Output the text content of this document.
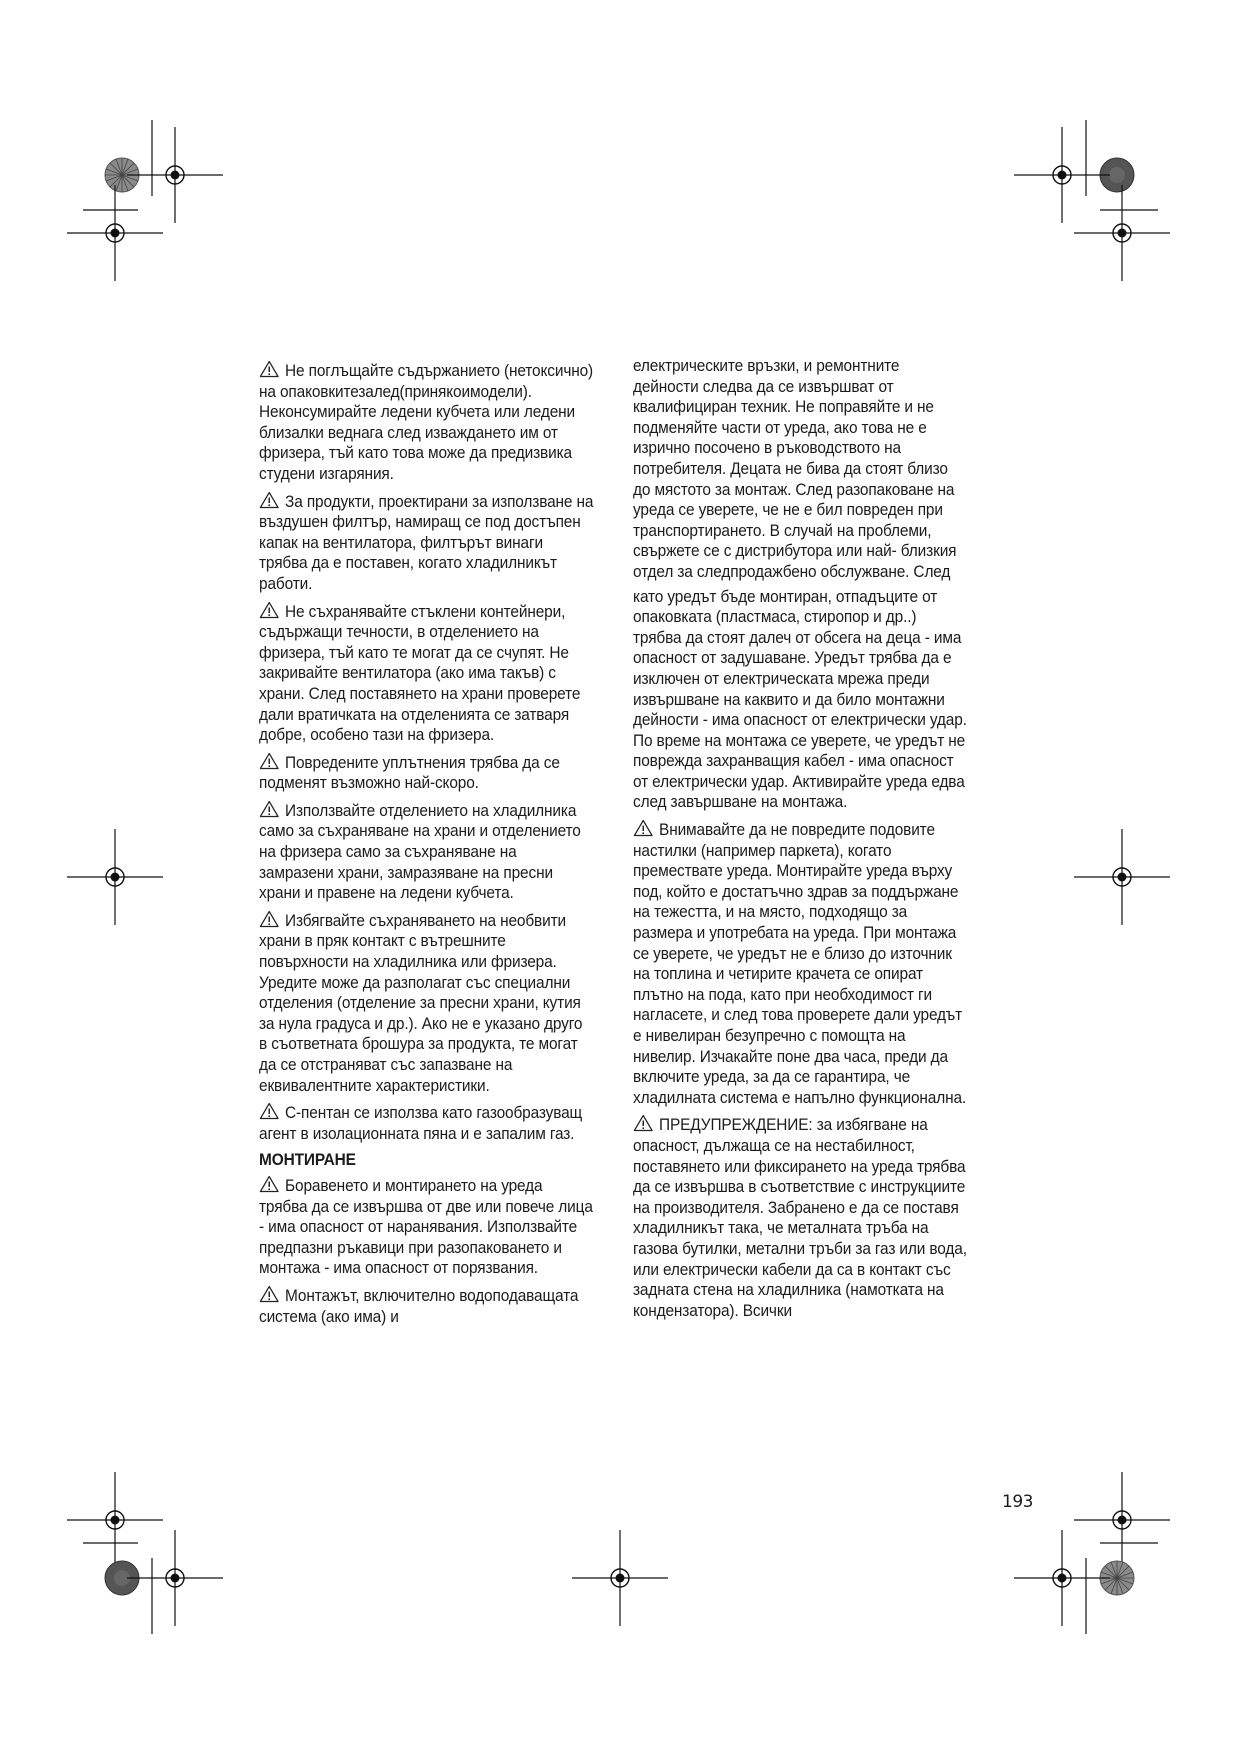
Не поглъщайте съдържанието (нетоксично) на опаковкитезалед(принякоимодели). Неконсумирайте ледени кубчета или ледени близалки веднага след изваждането им от фризера, тъй като това може да предизвика студени изгаряния.

За продукти, проектирани за използване на въздушен филтър, намиращ се под достъпен капак на вентилатора, филтърът винаги трябва да е поставен, когато хладилникът работи.

Не съхранявайте стъклени контейнери, съдържащи течности, в отделението на фризера, тъй като те могат да се счупят. Не закривайте вентилатора (ако има такъв) с храни. След поставянето на храни проверете дали вратичката на отделенията се затваря добре, особено тази на фризера.

Повредените уплътнения трябва да се подменят възможно най-скоро.

Използвайте отделението на хладилника само за съхраняване на храни и отделението на фризера само за съхраняване на замразени храни, замразяване на пресни храни и правене на ледени кубчета.

Избягвайте съхраняването на необвити храни в пряк контакт с вътрешните повърхности на хладилника или фризера. Уредите може да разполагат със специални отделения (отделение за пресни храни, кутия за нула градуса и др.). Ако не е указано друго в съответната брошура за продукта, те могат да се отстраняват със запазване на еквивалентните характеристики.

С-пентан се използва като газообразуващ агент в изолационната пяна и е запалим газ.

МОНТИРАНЕ

Боравенето и монтирането на уреда трябва да се извършва от две или повече лица - има опасност от наранявания. Използвайте предпазни ръкавици при разопаковането и монтажа - има опасност от порязвания.

Монтажът, включително водоподаващата система (ако има) и

електрическите връзки, и ремонтните дейности следва да се извършват от квалифициран техник. Не поправяйте и не подменяйте части от уреда, ако това не е изрично посочено в ръководството на потребителя. Децата не бива да стоят близо до мястото за монтаж. След разопаковане на уреда се уверете, че не е бил повреден при транспортирането. В случай на проблеми, свържете се с дистрибутора или най- близкия отдел за следпродажбено обслужване. След

като уредът бъде монтиран, отпадъците от опаковката (пластмаса, стиропор и др..) трябва да стоят далеч от обсега на деца - има опасност от задушаване. Уредът трябва да е изключен от електрическата мрежа преди извършване на каквито и да било монтажни дейности - има опасност от електрически удар. По време на монтажа се уверете, че уредът не поврежда захранващия кабел - има опасност от електрически удар. Активирайте уреда едва след завършване на монтажа.

Внимавайте да не повредите подовите настилки (например паркета), когато премествате уреда. Монтирайте уреда върху под, който е достатъчно здрав за поддържане на тежестта, и на място, подходящо за размера и употребата на уреда. При монтажа се уверете, че уредът не е близо до източник на топлина и четирите крачета се опират плътно на пода, като при необходимост ги нагласете, и след това проверете дали уредът е нивелиран безупречно с помощта на нивелир. Изчакайте поне два часа, преди да включите уреда, за да се гарантира, че хладилната система е напълно функционална.

ПРЕДУПРЕЖДЕНИЕ: за избягване на опасност, дължаща се на нестабилност, поставянето или фиксирането на уреда трябва да се извършва в съответствие с инструкциите на производителя. Забранено е да се поставя хладилникът така, че металната тръба на газова бутилки, метални тръби за газ или вода, или електрически кабели да са в контакт със задната стена на хладилника (намотката на кондензатора). Всички

193
